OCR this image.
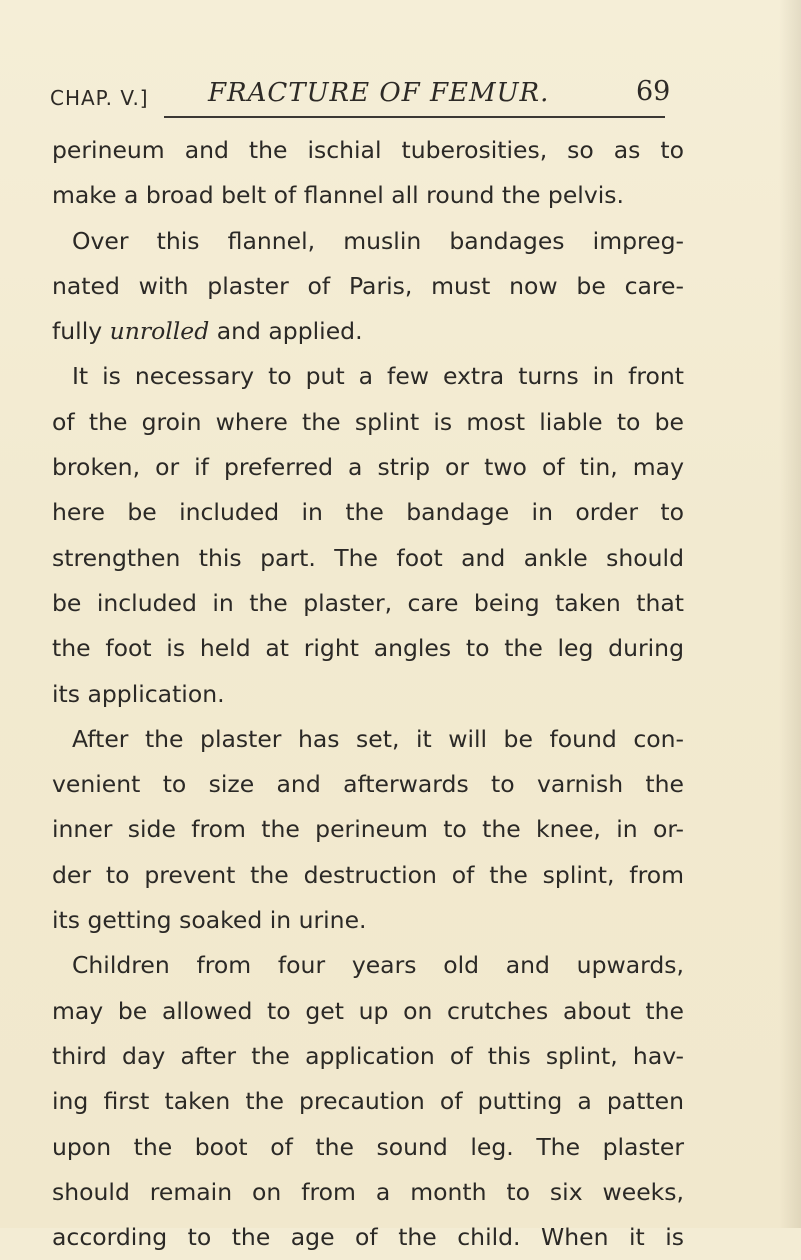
CHAP. V.] FRACTURE OF FEMUR.	69
perineum and the ischial tuberosities, so as to
make a broad belt of flannel all round the pelvis.
Over this flannel, muslin bandages impreg-
nated with plaster of Paris, must now be care-
fully unrolled and applied.
It is necessary to put a few extra turns in front
of the groin where the splint is most liable to be
broken, or if preferred a strip or two of tin, may
here be included in the bandage in order to
strengthen this part. The foot and ankle should
be included in the plaster, care being taken that
the foot is held at right angles to the leg during
its application.
After the plaster has set, it will be found con-
venient to size and afterwards to varnish the
inner side from the perineum to the knee, in or-
der to prevent the destruction of the splint, from
its getting soaked in urine.
Children from four years old and upwards,
may be allowed to get up on crutches about the
third day after the application of this splint, hav-
ing first taken the precaution of putting a patten
upon the boot of the sound leg. The plaster
should remain on from a month to six weeks,
according to the age of the child. When it is
